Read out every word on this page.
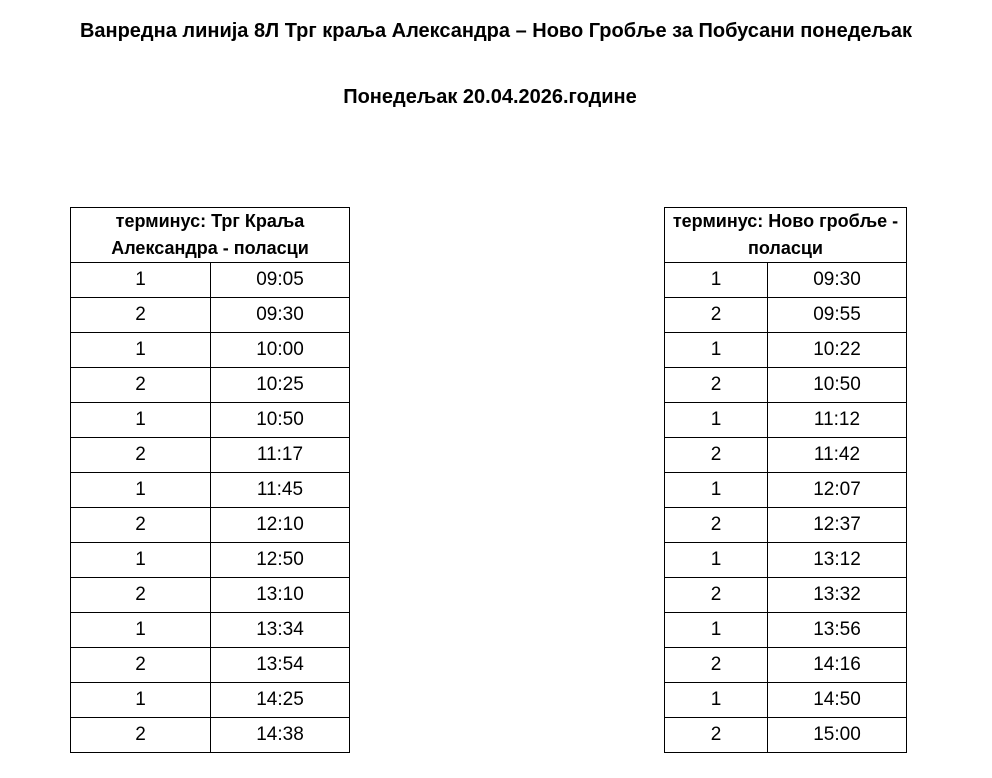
Ванредна линија 8Л Трг краља Александра – Ново Гробље за Побусани понедељак
Понедељак 20.04.2026.године
терминус: Трг Краља Александра - поласци	
1	09:05
2	09:30
1	10:00
2	10:25
1	10:50
2	11:17
1	11:45
2	12:10
1	12:50
2	13:10
1	13:34
2	13:54
1	14:25
2	14:38
терминус: Ново гробље - поласци	
1	09:30
2	09:55
1	10:22
2	10:50
1	11:12
2	11:42
1	12:07
2	12:37
1	13:12
2	13:32
1	13:56
2	14:16
1	14:50
2	15:00
